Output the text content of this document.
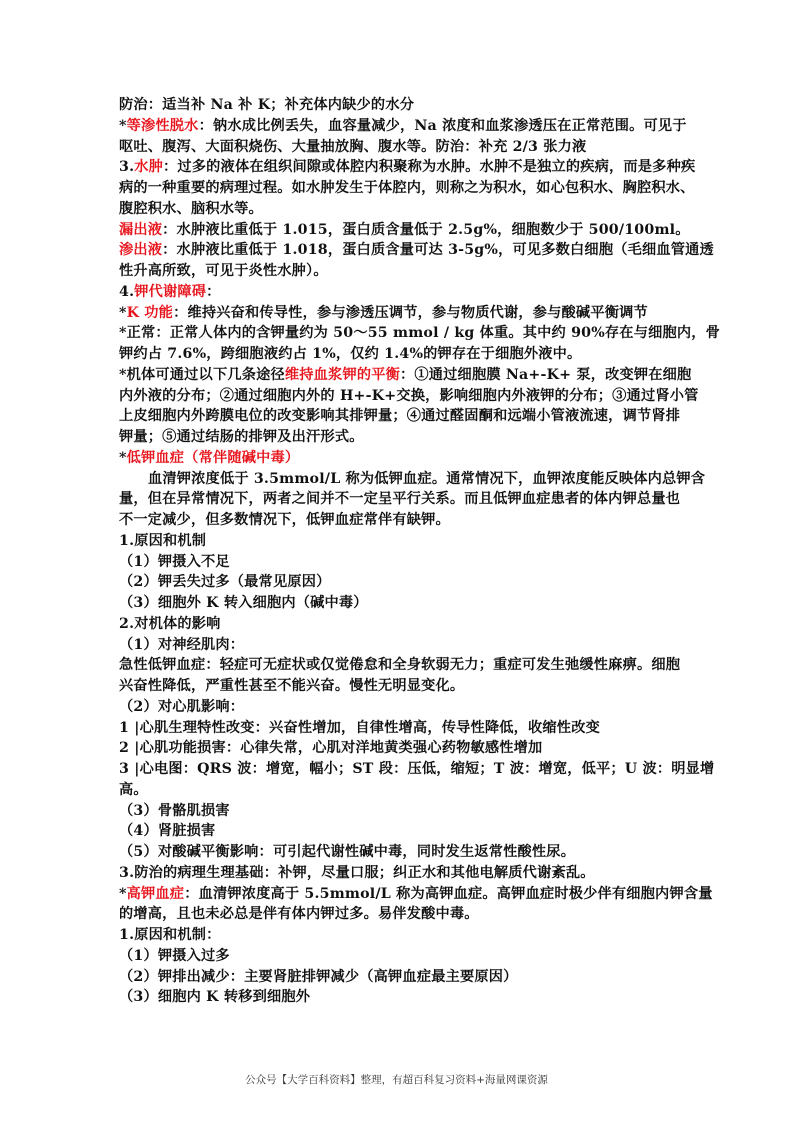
防治：适当补 Na 补 K；补充体内缺少的水分
*等渗性脱水：钠水成比例丢失，血容量减少，Na 浓度和血浆渗透压在正常范围。可见于
呕吐、腹泻、大面积烧伤、大量抽放胸、腹水等。防治：补充 2/3 张力液
3.水肿：过多的液体在组织间隙或体腔内积聚称为水肿。水肿不是独立的疾病，而是多种疾
病的一种重要的病理过程。如水肿发生于体腔内，则称之为积水，如心包积水、胸腔积水、
腹腔积水、脑积水等。
漏出液：水肿液比重低于 1.015，蛋白质含量低于 2.5g%，细胞数少于 500/100ml。
渗出液：水肿液比重低于 1.018，蛋白质含量可达 3-5g%，可见多数白细胞（毛细血管通透
性升高所致，可见于炎性水肿）。
4.钾代谢障碍：
*K 功能：维持兴奋和传导性，参与渗透压调节，参与物质代谢，参与酸碱平衡调节
*正常：正常人体内的含钾量约为 50～55 mmol / kg 体重。其中约 90%存在与细胞内，骨
钾约占 7.6%，跨细胞液约占 1%，仅约 1.4%的钾存在于细胞外液中。
*机体可通过以下几条途径维持血浆钾的平衡：①通过细胞膜 Na+-K+ 泵，改变钾在细胞
内外液的分布；②通过细胞内外的 H+-K+交换，影响细胞内外液钾的分布；③通过肾小管
上皮细胞内外跨膜电位的改变影响其排钾量；④通过醛固酮和远端小管液流速，调节肾排
钾量；⑤通过结肠的排钾及出汗形式。
*低钾血症（常伴随碱中毒）
血清钾浓度低于 3.5mmol/L 称为低钾血症。通常情况下，血钾浓度能反映体内总钾含
量，但在异常情况下，两者之间并不一定呈平行关系。而且低钾血症患者的体内钾总量也
不一定减少，但多数情况下，低钾血症常伴有缺钾。
1.原因和机制
（1）钾摄入不足
（2）钾丢失过多（最常见原因）
（3）细胞外 K 转入细胞内（碱中毒）
2.对机体的影响
（1）对神经肌肉：
急性低钾血症：轻症可无症状或仅觉倦怠和全身软弱无力；重症可发生弛缓性麻痹。细胞
兴奋性降低，严重性甚至不能兴奋。慢性无明显变化。
（2）对心肌影响：
1 |心肌生理特性改变：兴奋性增加，自律性增高，传导性降低，收缩性改变
2 |心肌功能损害：心律失常，心肌对洋地黄类强心药物敏感性增加
3 |心电图：QRS 波：增宽，幅小；ST 段：压低，缩短；T 波：增宽，低平；U 波：明显增
高。
（3）骨骼肌损害
（4）肾脏损害
（5）对酸碱平衡影响：可引起代谢性碱中毒，同时发生返常性酸性尿。
3.防治的病理生理基础：补钾，尽量口服；纠正水和其他电解质代谢紊乱。
*高钾血症：血清钾浓度高于 5.5mmol/L 称为高钾血症。高钾血症时极少伴有细胞内钾含量
的增高，且也未必总是伴有体内钾过多。易伴发酸中毒。
1.原因和机制：
（1）钾摄入过多
（2）钾排出减少：主要肾脏排钾减少（高钾血症最主要原因）
（3）细胞内 K 转移到细胞外
公众号【大学百科资料】整理，有超百科复习资料+海量网课资源
